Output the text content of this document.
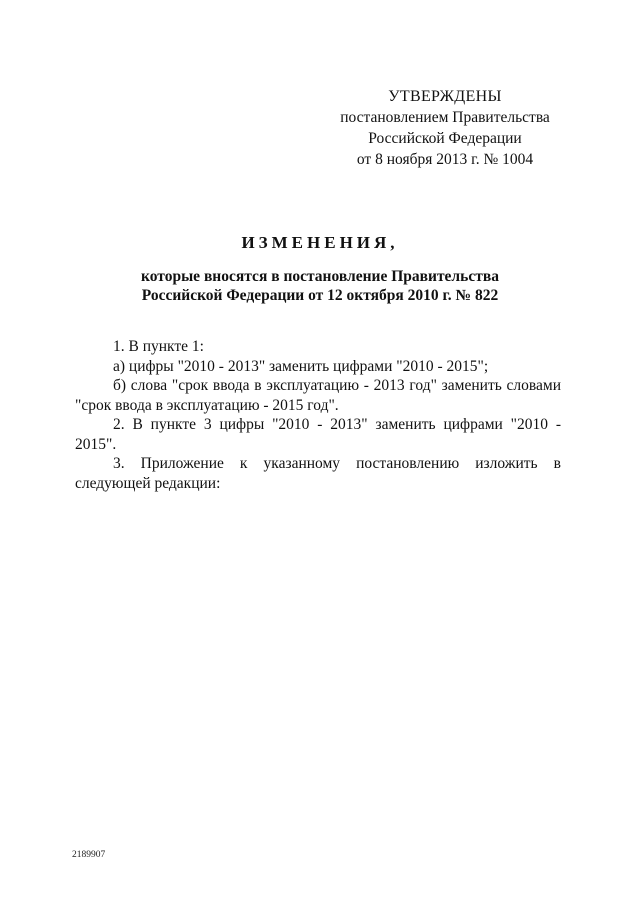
УТВЕРЖДЕНЫ
постановлением Правительства
Российской Федерации
от 8 ноября 2013 г. № 1004
ИЗМЕНЕНИЯ,
которые вносятся в постановление Правительства
Российской Федерации от 12 октября 2010 г. № 822

1. В пункте 1:

а) цифры "2010 - 2013" заменить цифрами "2010 - 2015";

б) слова "срок ввода в эксплуатацию - 2013 год" заменить словами "срок ввода в эксплуатацию - 2015 год".

2. В пункте 3 цифры "2010 - 2013" заменить цифрами "2010 - 2015".

3. Приложение к указанному постановлению изложить в следующей редакции:

2189907
